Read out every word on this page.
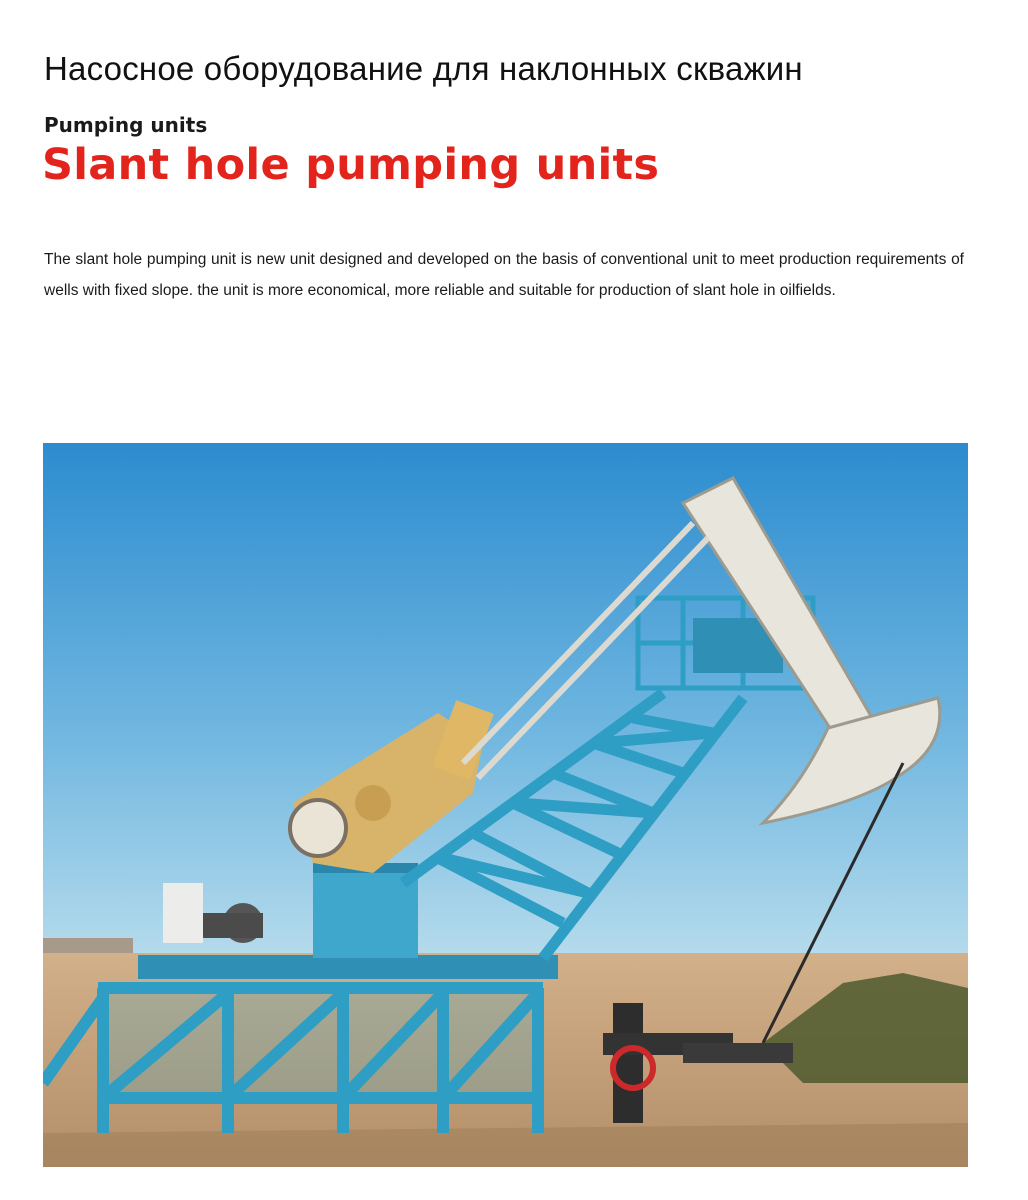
Насосное оборудование для наклонных скважин
Pumping units
Slant hole pumping units

The slant hole pumping unit is new unit designed and developed on the basis of conventional unit to meet production requirements of wells with fixed slope. the unit is more economical, more reliable and suitable for production of slant hole in oilfields.
